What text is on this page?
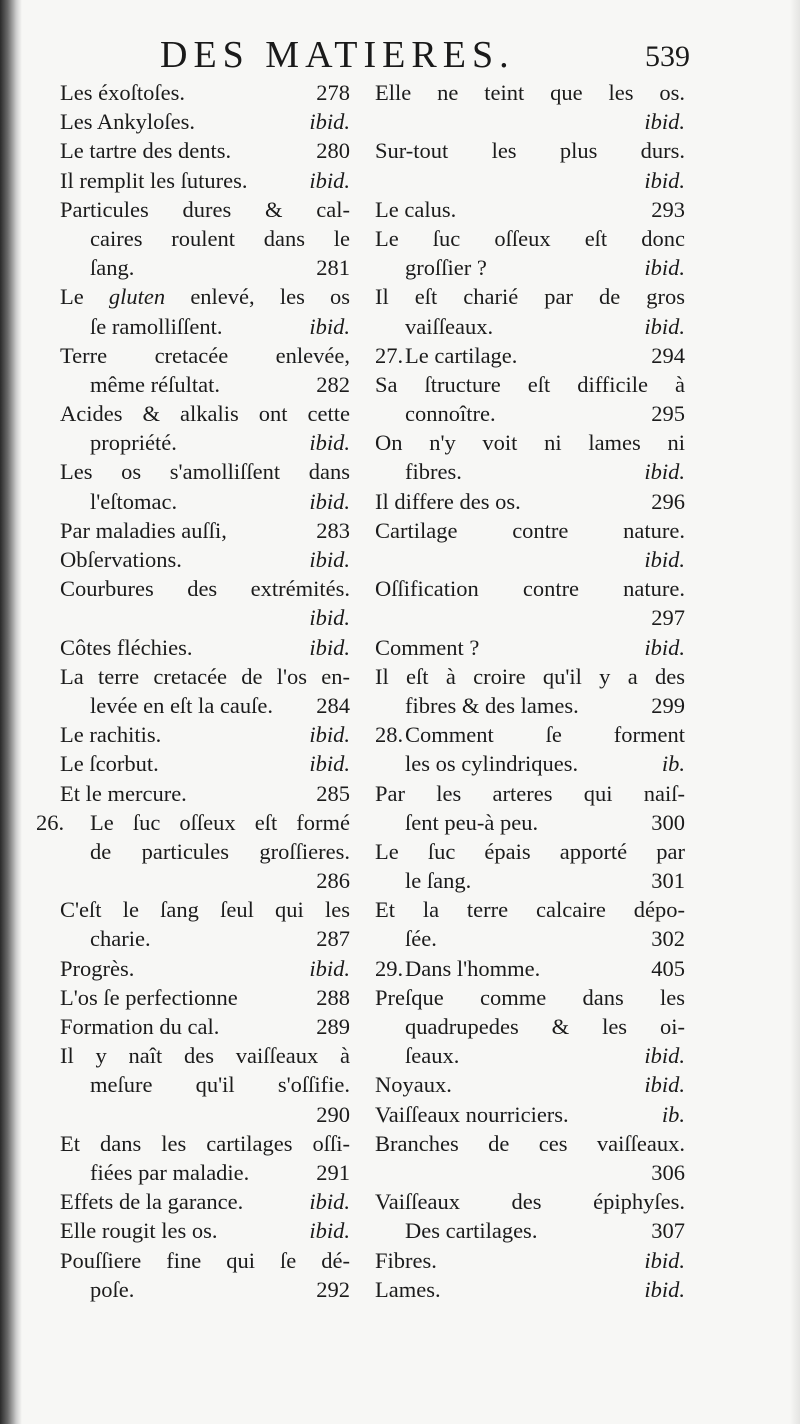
DES MATIERES.	539
Les éxoſtoſes.	278
Les Ankyloſes.	ibid.
Le tartre des dents.	280
Il remplit les ſutures.	ibid.
Particules dures & cal-
caires roulent dans le
ſang.	281
Le gluten enlevé, les os
ſe ramolliſſent.	ibid.
Terre cretacée enlevée,
même réſultat.	282
Acides & alkalis ont cette
propriété.	ibid.
Les os s'amolliſſent dans
l'eſtomac.	ibid.
Par maladies auſſi,	283
Obſervations.	ibid.
Courbures des extrémités.
ibid.
Côtes fléchies.	ibid.
La terre cretacée de l'os en-
levée en eſt la cauſe. 284
Le rachitis.	ibid.
Le ſcorbut.	ibid.
Et le mercure.	285
26. Le ſuc oſſeux eſt formé
de particules groſſieres.
286
C'eſt le ſang ſeul qui les
charie.	287
Progrès.	ibid.
L'os ſe perfectionne	288
Formation du cal.	289
Il y naît des vaiſſeaux à
meſure qu'il s'oſſifie.
290
Et dans les cartilages oſſi-
fiées par maladie.	291
Effets de la garance.	ibid.
Elle rougit les os.	ibid.
Pouſſiere fine qui ſe dé-
poſe.	292
Elle ne teint que les os.
ibid.
Sur-tout les plus durs.
ibid.
Le calus.	293
Le ſuc oſſeux eſt donc
groſſier ?	ibid.
Il eſt charié par de gros
vaiſſeaux.	ibid.
27. Le cartilage.	294
Sa ſtructure eſt difficile à
connoître.	295
On n'y voit ni lames ni
fibres.	ibid.
Il differe des os.	296
Cartilage contre nature.
ibid.
Oſſification contre nature.
297
Comment ?	ibid.
Il eſt à croire qu'il y a des
fibres & des lames.	299
28. Comment ſe forment
les os cylindriques.	ib.
Par les arteres qui naiſ-
ſent peu-à peu.	300
Le ſuc épais apporté par
le ſang.	301
Et la terre calcaire dépo-
ſée.	302
29. Dans l'homme.	405
Preſque comme dans les
quadrupedes & les oi-
ſeaux.	ibid.
Noyaux.	ibid.
Vaiſſeaux nourriciers.	ib.
Branches de ces vaiſſeaux.
306
Vaiſſeaux des épiphyſes.
Des cartilages.	307
Fibres.	ibid.
Lames.	ibid.
